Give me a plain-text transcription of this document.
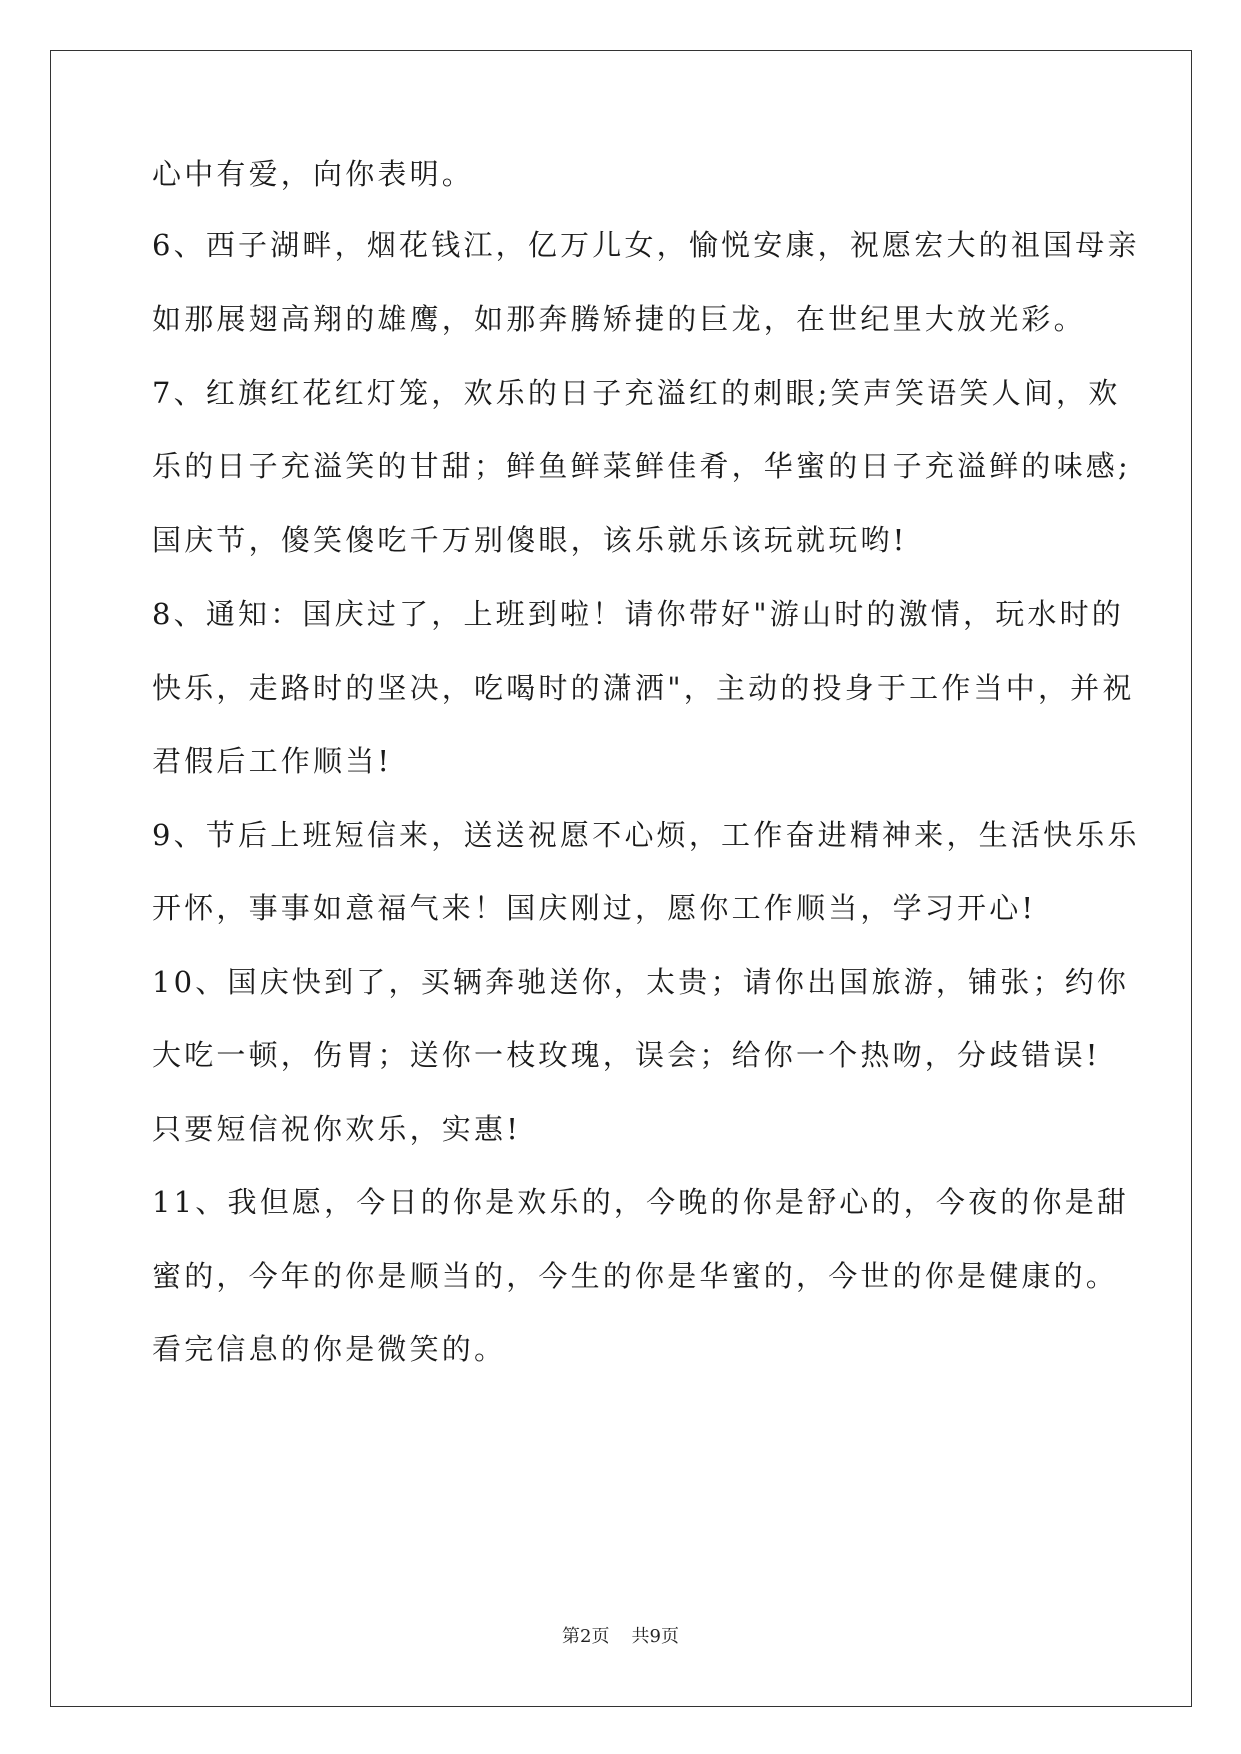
心中有爱，向你表明。
6、西子湖畔，烟花钱江，亿万儿女，愉悦安康，祝愿宏大的祖国母亲
如那展翅高翔的雄鹰，如那奔腾矫捷的巨龙，在世纪里大放光彩。
7、红旗红花红灯笼，欢乐的日子充溢红的刺眼;笑声笑语笑人间，欢
乐的日子充溢笑的甘甜；鲜鱼鲜菜鲜佳肴，华蜜的日子充溢鲜的味感;
国庆节，傻笑傻吃千万别傻眼，该乐就乐该玩就玩哟!
8、通知：国庆过了，上班到啦！请你带好"游山时的激情，玩水时的
快乐，走路时的坚决，吃喝时的潇洒"，主动的投身于工作当中，并祝
君假后工作顺当!
9、节后上班短信来，送送祝愿不心烦，工作奋进精神来，生活快乐乐
开怀，事事如意福气来！国庆刚过，愿你工作顺当，学习开心!
10、国庆快到了，买辆奔驰送你，太贵；请你出国旅游，铺张；约你
大吃一顿，伤胃；送你一枝玫瑰，误会；给你一个热吻，分歧错误!
只要短信祝你欢乐，实惠!
11、我但愿，今日的你是欢乐的，今晚的你是舒心的，今夜的你是甜
蜜的，今年的你是顺当的，今生的你是华蜜的，今世的你是健康的。
看完信息的你是微笑的。
第2页 共9页
